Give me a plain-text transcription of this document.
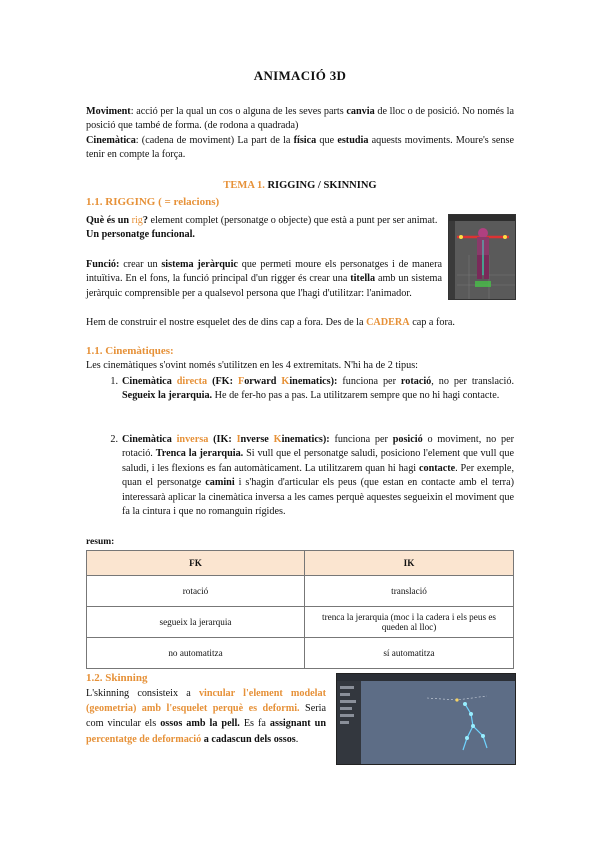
ANIMACIÓ 3D
Moviment: acció per la qual un cos o alguna de les seves parts canvia de lloc o de posició. No només la posició que també de forma. (de rodona a quadrada)
Cinemàtica: (cadena de moviment) La part de la física que estudia aquests moviments. Moure's sense tenir en compte la força.
TEMA 1. RIGGING / SKINNING
1.1. RIGGING ( = relacions)
Què és un rig? element complet (personatge o objecte) que està a punt per ser animat. Un personatge funcional.
Funció: crear un sistema jeràrquic que permeti moure els personatges i de manera intuïtiva. En el fons, la funció principal d'un rigger és crear una titella amb un sistema jeràrquic comprensible per a qualsevol persona que l'hagi d'utilitzar: l'animador.
Hem de construir el nostre esquelet des de dins cap a fora. Des de la CADERA cap a fora.
1.1. Cinemàtiques:
Les cinemàtiques s'ovint només s'utilitzen en les 4 extremitats. N'hi ha de 2 tipus:
1. Cinemàtica directa (FK: Forward Kinematics): funciona per rotació, no per translació. Segueix la jerarquia. He de fer-ho pas a pas. La utilitzarem sempre que no hi hagi contacte.
2. Cinemàtica inversa (IK: Inverse Kinematics): funciona per posició o moviment, no per rotació. Trenca la jerarquia. Si vull que el personatge saludi, posiciono l'element que vull que saludi, i les flexions es fan automàticament. La utilitzarem quan hi hagi contacte. Per exemple, quan el personatge camini i s'hagin d'articular els peus (que estan en contacte amb el terra) interessarà aplicar la cinemàtica inversa a les cames perquè aquestes segueixin el moviment que fa la cintura i que no romanguin rígides.
resum:
FK	IK
rotació	translació
segueix la jerarquia	trenca la jerarquia (moc i la cadera i els peus es queden al lloc)
no automatitza	sí automatitza
1.2. Skinning
L'skinning consisteix a vincular l'element modelat (geometria) amb l'esquelet perquè es deformi. Seria com vincular els ossos amb la pell. Es fa assignant un percentatge de deformació a cadascun dels ossos.
